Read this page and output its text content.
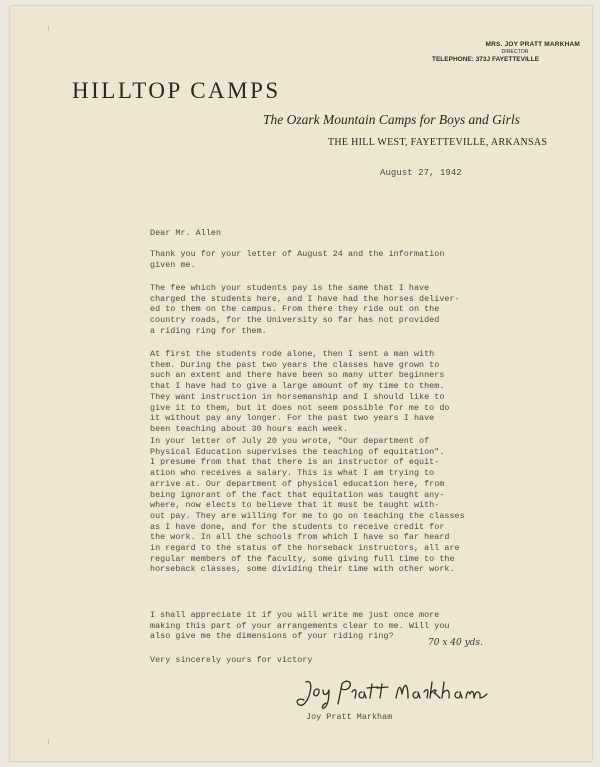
MRS. JOY PRATT MARKHAM
DIRECTOR
TELEPHONE: 373J FAYETTEVILLE
HILLTOP CAMPS
The Ozark Mountain Camps for Boys and Girls
THE HILL WEST, FAYETTEVILLE, ARKANSAS
August 27, 1942
Dear Mr. Allen
Thank you for your letter of August 24 and the information
given me.
The fee which your students pay is the same that I have
charged the students here, and I have had the horses deliver-
ed to them on the campus. From there they ride out on the
country roads, for the University so far has not provided
a riding ring for them.
At first the students rode alone, then I sent a man with
them. During the past two years the classes have grown to
such an extent and there have been so many utter beginners
that I have had to give a large amount of my time to them.
They want instruction in horsemanship and I should like to
give it to them, but it does not seem possible for me to do
it without pay any longer. For the past two years I have
been teaching about 30 hours each week.
In your letter of July 20 you wrote, "Our department of
Physical Education supervises the teaching of equitation".
I presume from that that there is an instructor of equit-
ation who receives a salary. This is what I am trying to
arrive at. Our department of physical education here, from
being ignorant of the fact that equitation was taught any-
where, now elects to believe that it must be taught with-
out pay. They are willing for me to go on teaching the classes
as I have done, and for the students to receive credit for
the work. In all the schools from which I have so far heard
in regard to the status of the horseback instructors, all are
regular members of the faculty, some giving full time to the
horseback classes, some dividing their time with other work.
I shall appreciate it if you will write me just once more
making this part of your arrangements clear to me. Will you
also give me the dimensions of your riding ring?
70 x 40 yds.
Very sincerely yours for victory
Joy Pratt Markham
